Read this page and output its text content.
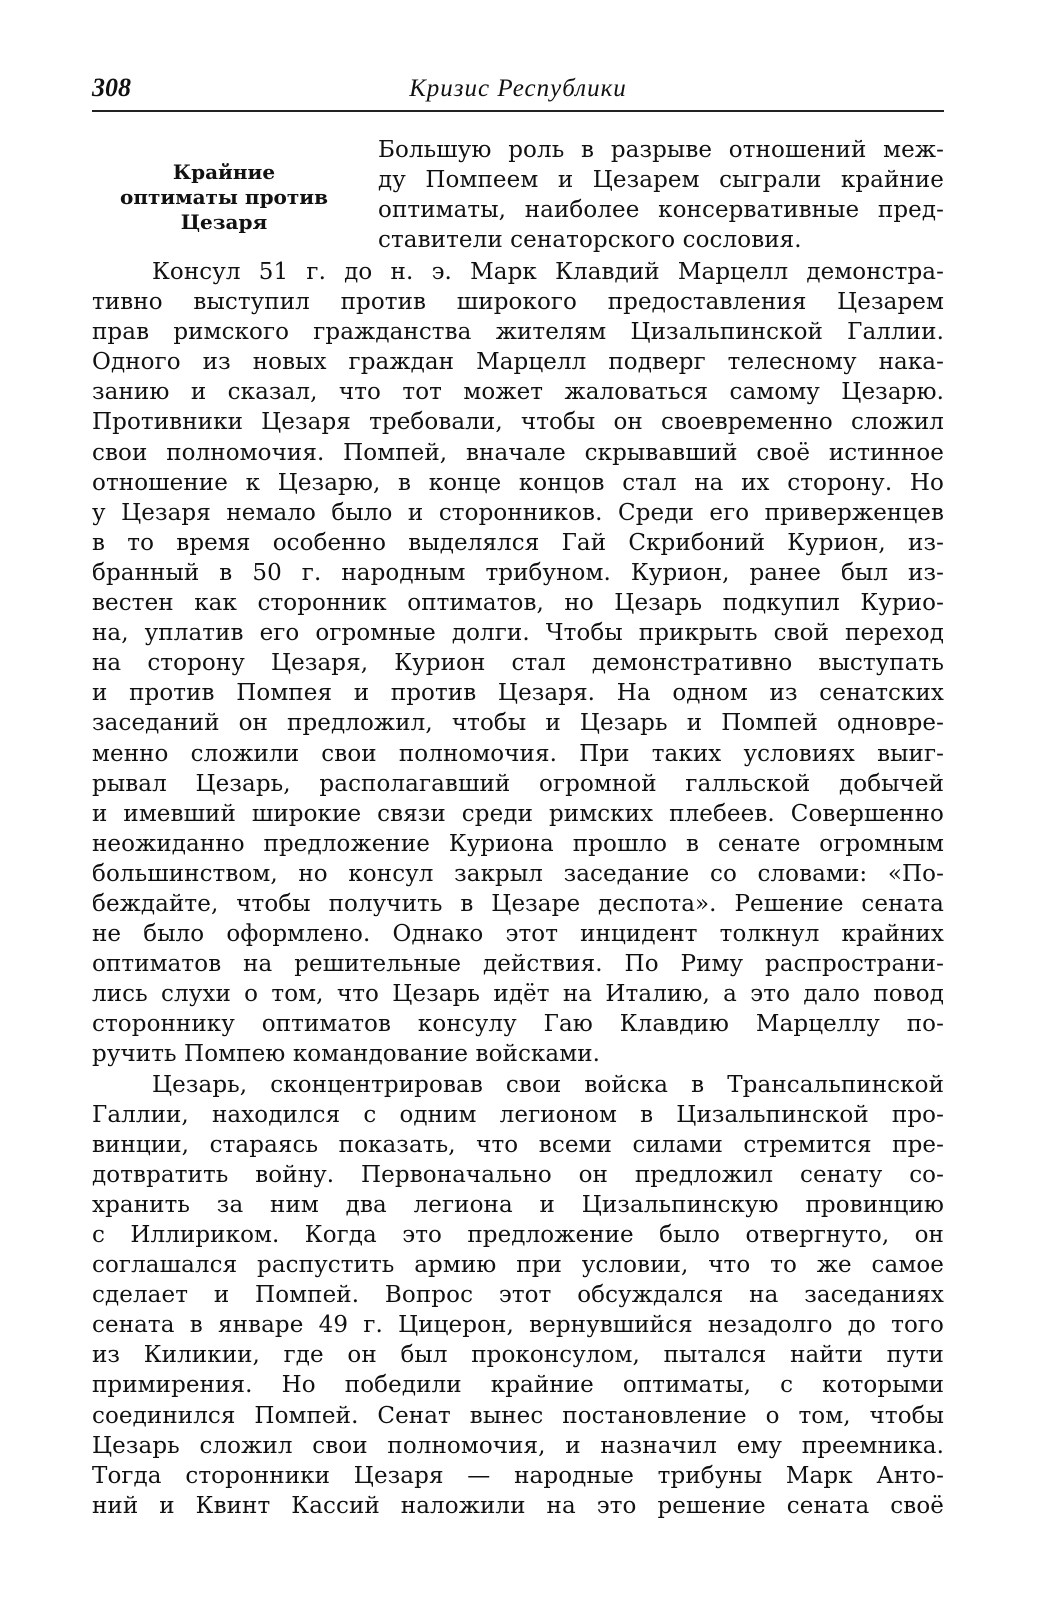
308	Кризис Республики
Крайние
оптиматы против
Цезаря
Большую роль в разрыве отношений меж-
ду Помпеем и Цезарем сыграли крайние
оптиматы, наиболее консервативные пред-
ставители сенаторского сословия.
Консул 51 г. до н. э. Марк Клавдий Марцелл демонстра-
тивно выступил против широкого предоставления Цезарем
прав римского гражданства жителям Цизальпинской Галлии.
Одного из новых граждан Марцелл подверг телесному нака-
занию и сказал, что тот может жаловаться самому Цезарю.
Противники Цезаря требовали, чтобы он своевременно сложил
свои полномочия. Помпей, вначале скрывавший своё истинное
отношение к Цезарю, в конце концов стал на их сторону. Но
у Цезаря немало было и сторонников. Среди его приверженцев
в то время особенно выделялся Гай Скрибоний Курион, из-
бранный в 50 г. народным трибуном. Курион, ранее был из-
вестен как сторонник оптиматов, но Цезарь подкупил Курио-
на, уплатив его огромные долги. Чтобы прикрыть свой переход
на сторону Цезаря, Курион стал демонстративно выступать
и против Помпея и против Цезаря. На одном из сенатских
заседаний он предложил, чтобы и Цезарь и Помпей одновре-
менно сложили свои полномочия. При таких условиях выиг-
рывал Цезарь, располагавший огромной галльской добычей
и имевший широкие связи среди римских плебеев. Совершенно
неожиданно предложение Куриона прошло в сенате огромным
большинством, но консул закрыл заседание со словами: «По-
беждайте, чтобы получить в Цезаре деспота». Решение сената
не было оформлено. Однако этот инцидент толкнул крайних
оптиматов на решительные действия. По Риму распространи-
лись слухи о том, что Цезарь идёт на Италию, а это дало повод
стороннику оптиматов консулу Гаю Клавдию Марцеллу по-
ручить Помпею командование войсками.
Цезарь, сконцентрировав свои войска в Трансальпинской
Галлии, находился с одним легионом в Цизальпинской про-
винции, стараясь показать, что всеми силами стремится пре-
дотвратить войну. Первоначально он предложил сенату со-
хранить за ним два легиона и Цизальпинскую провинцию
с Иллириком. Когда это предложение было отвергнуто, он
соглашался распустить армию при условии, что то же самое
сделает и Помпей. Вопрос этот обсуждался на заседаниях
сената в январе 49 г. Цицерон, вернувшийся незадолго до того
из Киликии, где он был проконсулом, пытался найти пути
примирения. Но победили крайние оптиматы, с которыми
соединился Помпей. Сенат вынес постановление о том, чтобы
Цезарь сложил свои полномочия, и назначил ему преемника.
Тогда сторонники Цезаря — народные трибуны Марк Анто-
ний и Квинт Кассий наложили на это решение сената своё
